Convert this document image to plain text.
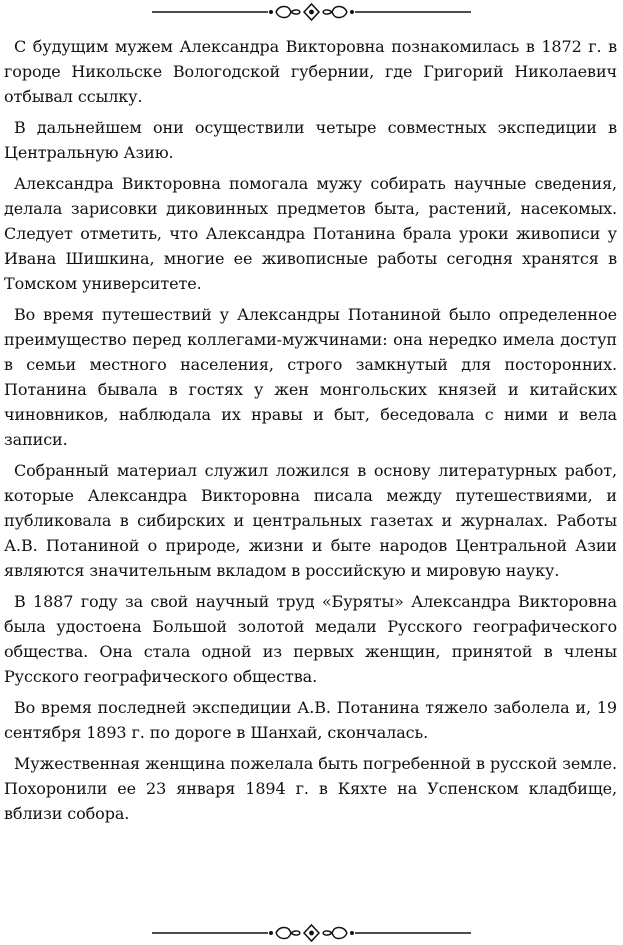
С будущим мужем Александра Викторовна познакомилась в 1872 г. в городе Никольске Вологодской губернии, где Григорий Николаевич отбывал ссылку.

В дальнейшем они осуществили четыре совместных экспедиции в Центральную Азию.

Александра Викторовна помогала мужу собирать научные сведения, делала зарисовки диковинных предметов быта, растений, насекомых. Следует отметить, что Александра Потанина брала уроки живописи у Ивана Шишкина, многие ее живописные работы сегодня хранятся в Томском университете.

Во время путешествий у Александры Потаниной было определенное преимущество перед коллегами-мужчинами: она нередко имела доступ в семьи местного населения, строго замкнутый для посторонних. Потанина бывала в гостях у жен монгольских князей и китайских чиновников, наблюдала их нравы и быт, беседовала с ними и вела записи.

Собранный материал служил ложился в основу литературных работ, которые Александра Викторовна писала между путешествиями, и публиковала в сибирских и центральных газетах и журналах. Работы А.В. Потаниной о природе, жизни и быте народов Центральной Азии являются значительным вкладом в российскую и мировую науку.

В 1887 году за свой научный труд «Буряты» Александра Викторовна была удостоена Большой золотой медали Русского географического общества. Она стала одной из первых женщин, принятой в члены Русского географического общества.

Во время последней экспедиции А.В. Потанина тяжело заболела и, 19 сентября 1893 г. по дороге в Шанхай, скончалась.

Мужественная женщина пожелала быть погребенной в русской земле. Похоронили ее 23 января 1894 г. в Кяхте на Успенском кладбище, вблизи собора.
